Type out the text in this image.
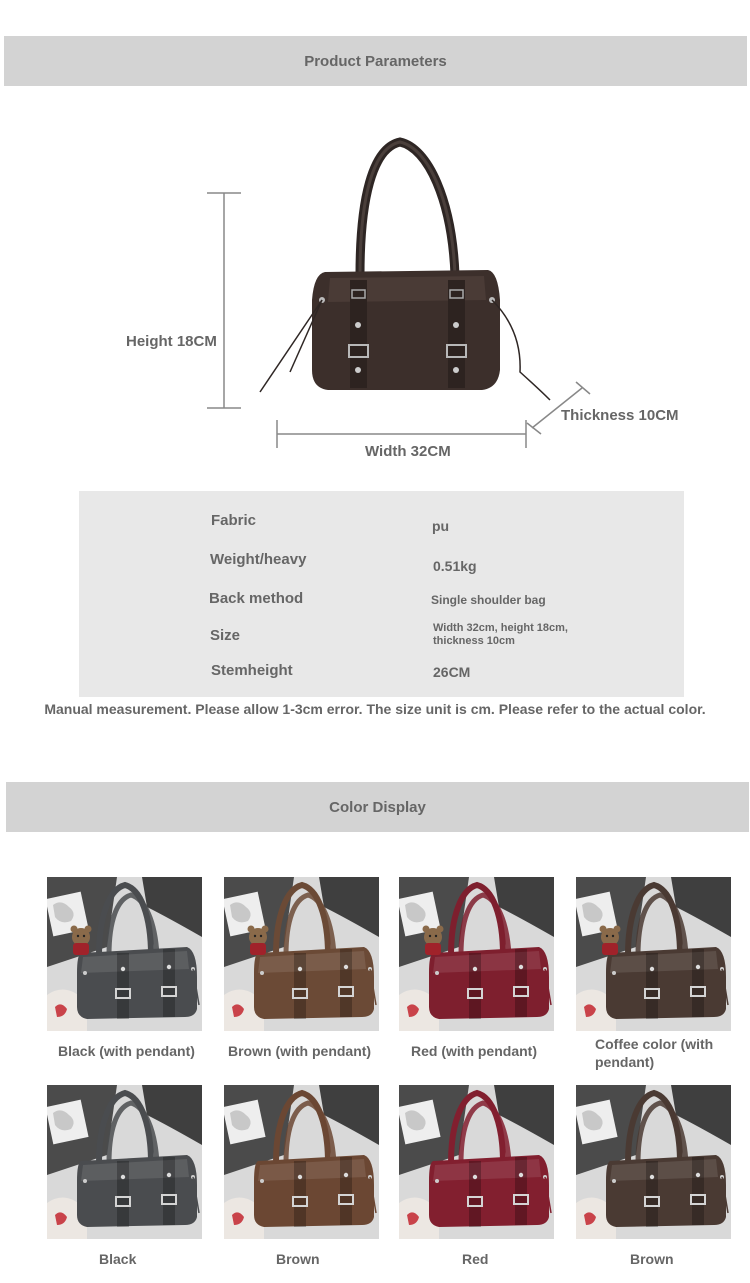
Product Parameters
Height 18CM
Width 32CM
Thickness 10CM
Fabric	pu
Weight/heavy	0.51kg
Back method	Single shoulder bag
Size	Width 32cm, height 18cm, thickness 10cm
Stemheight	26CM
Manual measurement. Please allow 1-3cm error. The size unit is cm. Please refer to the actual color.
Color Display
Black (with pendant) Brown (with pendant)	Red (with pendant)	Coffee color (with pendant)
Black	Brown	Red	Brown
